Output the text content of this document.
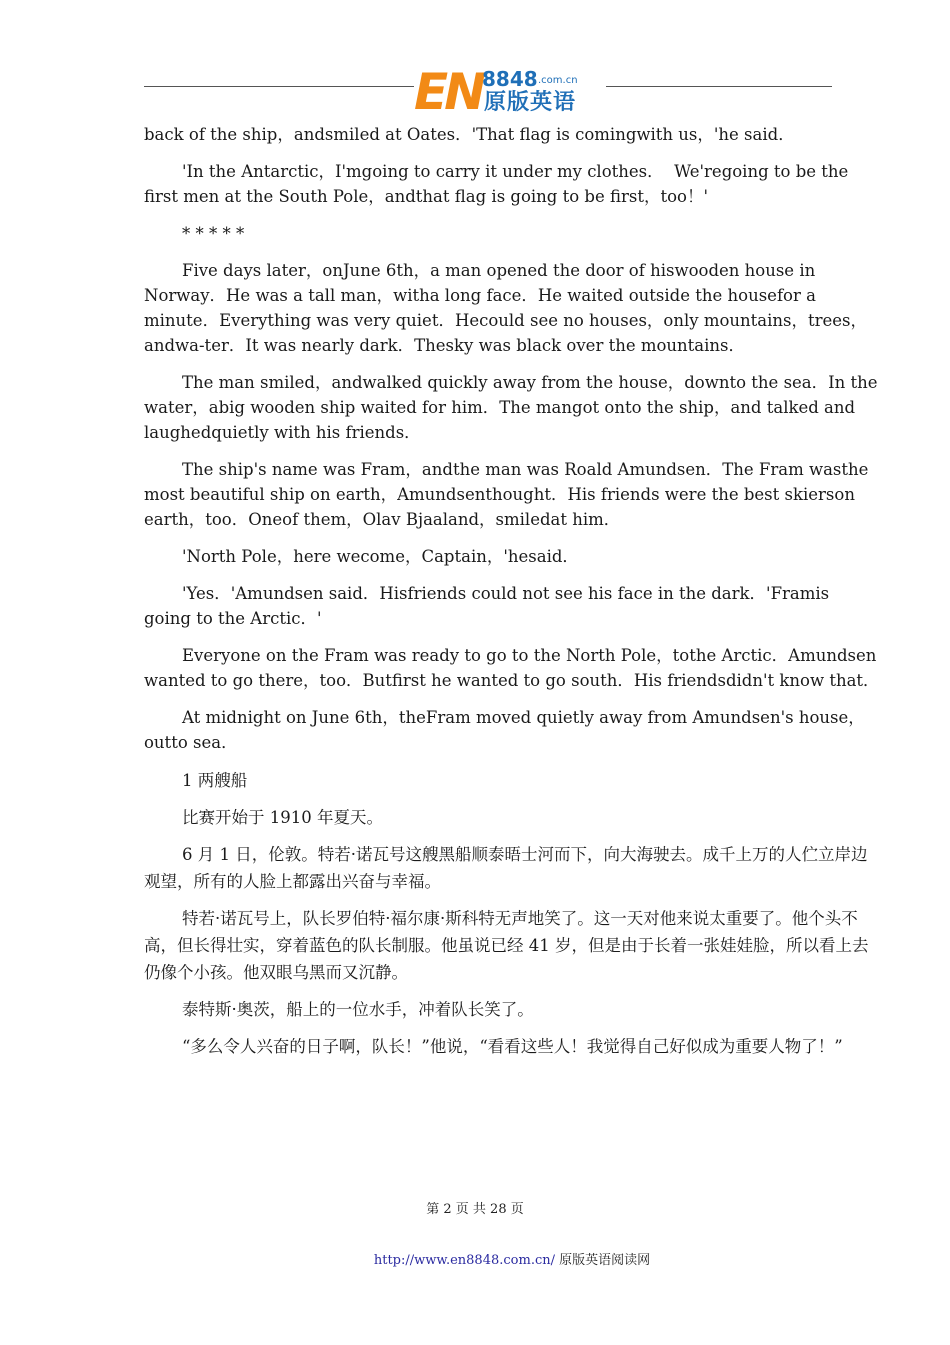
EN 8848 .com.cn
原版英语

back of the ship，andsmiled at Oates．'That flag is comingwith us，'he said．

'In the Antarctic，I'mgoing to carry it under my clothes．  We'regoing to be the first men at the South Pole，andthat flag is going to be first，too！'

* * * * *

Five days later，onJune 6th，a man opened the door of hiswooden house in Norway．He was a tall man，witha long face．He waited outside the housefor a minute．Everything was very quiet．Hecould see no houses，only mountains，trees，andwa-ter．It was nearly dark．Thesky was black over the mountains．

The man smiled，andwalked quickly away from the house，downto the sea．In the water，abig wooden ship waited for him．The mangot onto the ship，and talked and laughedquietly with his friends．

The ship's name was Fram，andthe man was Roald Amundsen．The Fram wasthe most beautiful ship on earth，Amundsenthought．His friends were the best skierson earth，too．Oneof them，Olav Bjaaland，smiledat him．

'North Pole，here wecome，Captain，'hesaid．

'Yes．'Amundsen said．Hisfriends could not see his face in the dark．'Framis going to the Arctic．'

Everyone on the Fram was ready to go to the North Pole，tothe Arctic．Amundsen wanted to go there，too．Butfirst he wanted to go south．His friendsdidn't know that．

At midnight on June 6th，theFram moved quietly away from Amundsen's house，outto sea．

1 两艘船

比赛开始于 1910 年夏天。

6 月 1 日，伦敦。特若·诺瓦号这艘黑船顺泰晤士河而下，向大海驶去。成千上万的人伫立岸边观望，所有的人脸上都露出兴奋与幸福。

特若·诺瓦号上，队长罗伯特·福尔康·斯科特无声地笑了。这一天对他来说太重要了。他个头不高，但长得壮实，穿着蓝色的队长制服。他虽说已经 41 岁，但是由于长着一张娃娃脸，所以看上去仍像个小孩。他双眼乌黑而又沉静。

泰特斯·奥茨，船上的一位水手，冲着队长笑了。

“多么令人兴奋的日子啊，队长！”他说，“看看这些人！我觉得自己好似成为重要人物了！”

第 2 页 共 28 页
http://www.en8848.com.cn/ 原版英语阅读网
